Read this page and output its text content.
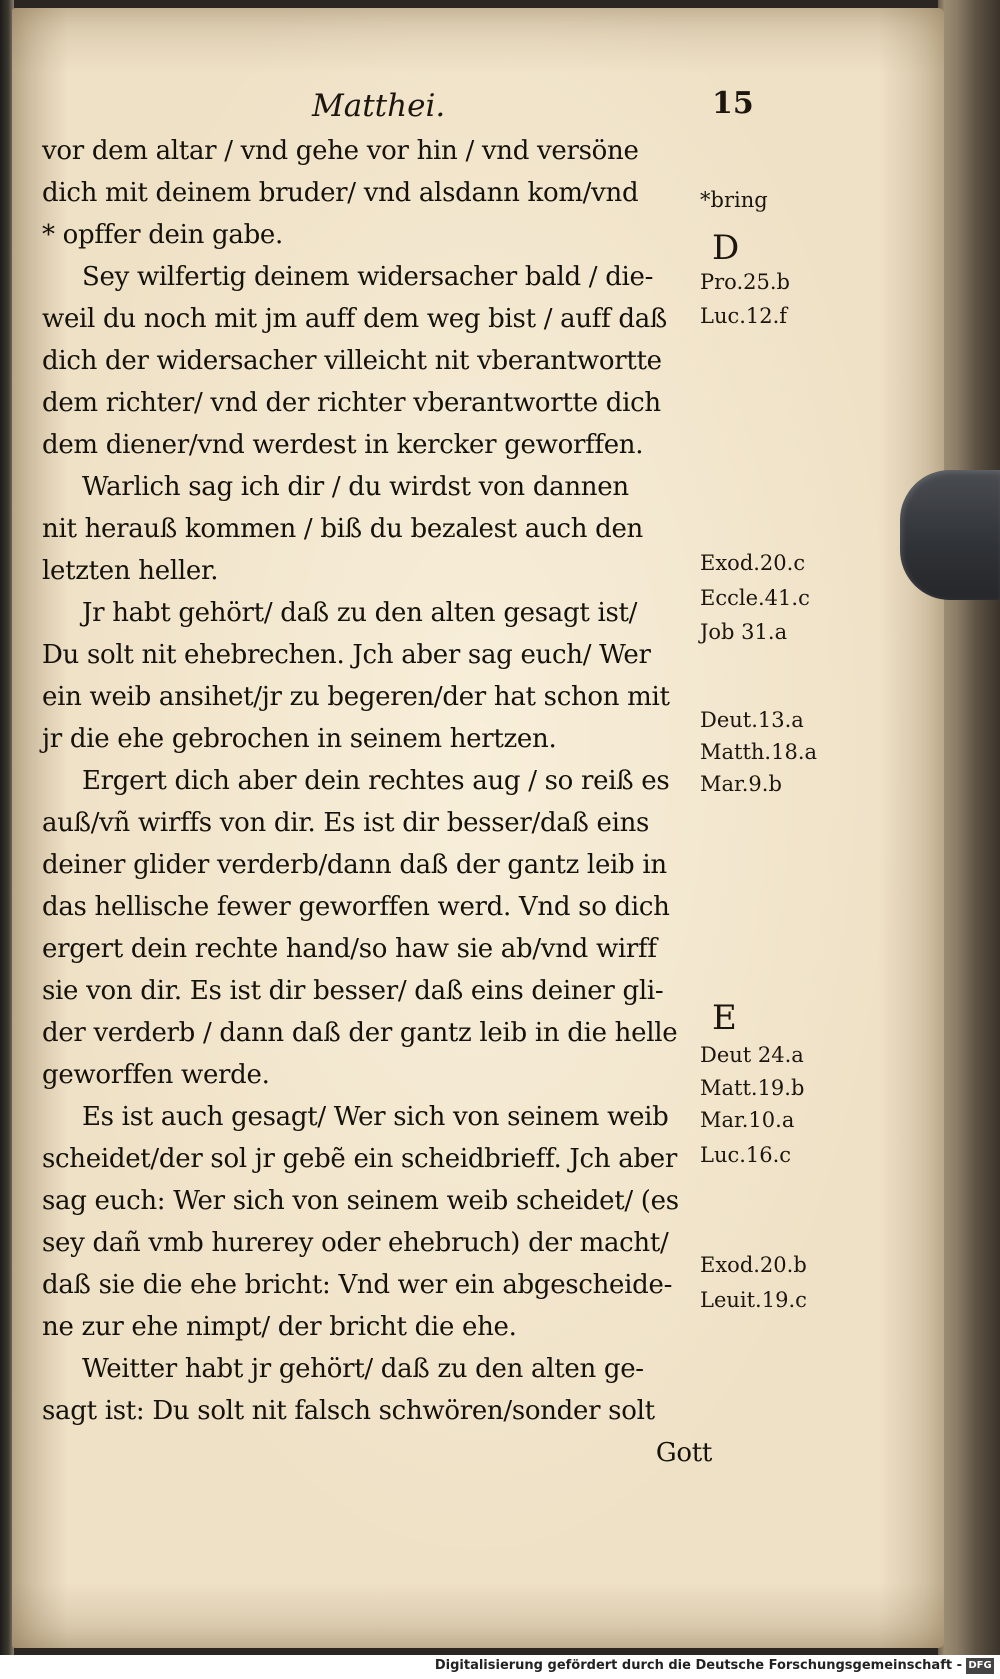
Matthei.	15
vor dem altar / vnd gehe vor hin / vnd versöne
dich mit deinem bruder/ vnd alsdann kom/vnd
* opffer dein gabe.
Sey wilfertig deinem widersacher bald / die-
weil du noch mit jm auff dem weg bist / auff daß
dich der widersacher villeicht nit vberantwortte
dem richter/ vnd der richter vberantwortte dich
dem diener/vnd werdest in kercker geworffen.
Warlich sag ich dir / du wirdst von dannen
nit herauß kommen / biß du bezalest auch den
letzten heller.
Jr habt gehört/ daß zu den alten gesagt ist/
Du solt nit ehebrechen. Jch aber sag euch/ Wer
ein weib ansihet/jr zu begeren/der hat schon mit
jr die ehe gebrochen in seinem hertzen.
Ergert dich aber dein rechtes aug / so reiß es
auß/vñ wirffs von dir. Es ist dir besser/daß eins
deiner glider verderb/dann daß der gantz leib in
das hellische fewer geworffen werd. Vnd so dich
ergert dein rechte hand/so haw sie ab/vnd wirff
sie von dir. Es ist dir besser/ daß eins deiner gli-
der verderb / dann daß der gantz leib in die helle
geworffen werde.
Es ist auch gesagt/ Wer sich von seinem weib
scheidet/der sol jr gebẽ ein scheidbrieff. Jch aber
sag euch: Wer sich von seinem weib scheidet/ (es
sey dañ vmb hurerey oder ehebruch) der macht/
daß sie die ehe bricht: Vnd wer ein abgescheide-
ne zur ehe nimpt/ der bricht die ehe.
Weitter habt jr gehört/ daß zu den alten ge-
sagt ist: Du solt nit falsch schwören/sonder solt
Gott
*bring
D
Pro.25.b
Luc.12.f
Exod.20.c
Eccle.41.c
Job 31.a
Deut.13.a
Matth.18.a
Mar.9.b
E
Deut 24.a
Matt.19.b
Mar.10.a
Luc.16.c
Exod.20.b
Leuit.19.c
Digitalisierung gefördert durch die Deutsche Forschungsgemeinschaft - DFG
